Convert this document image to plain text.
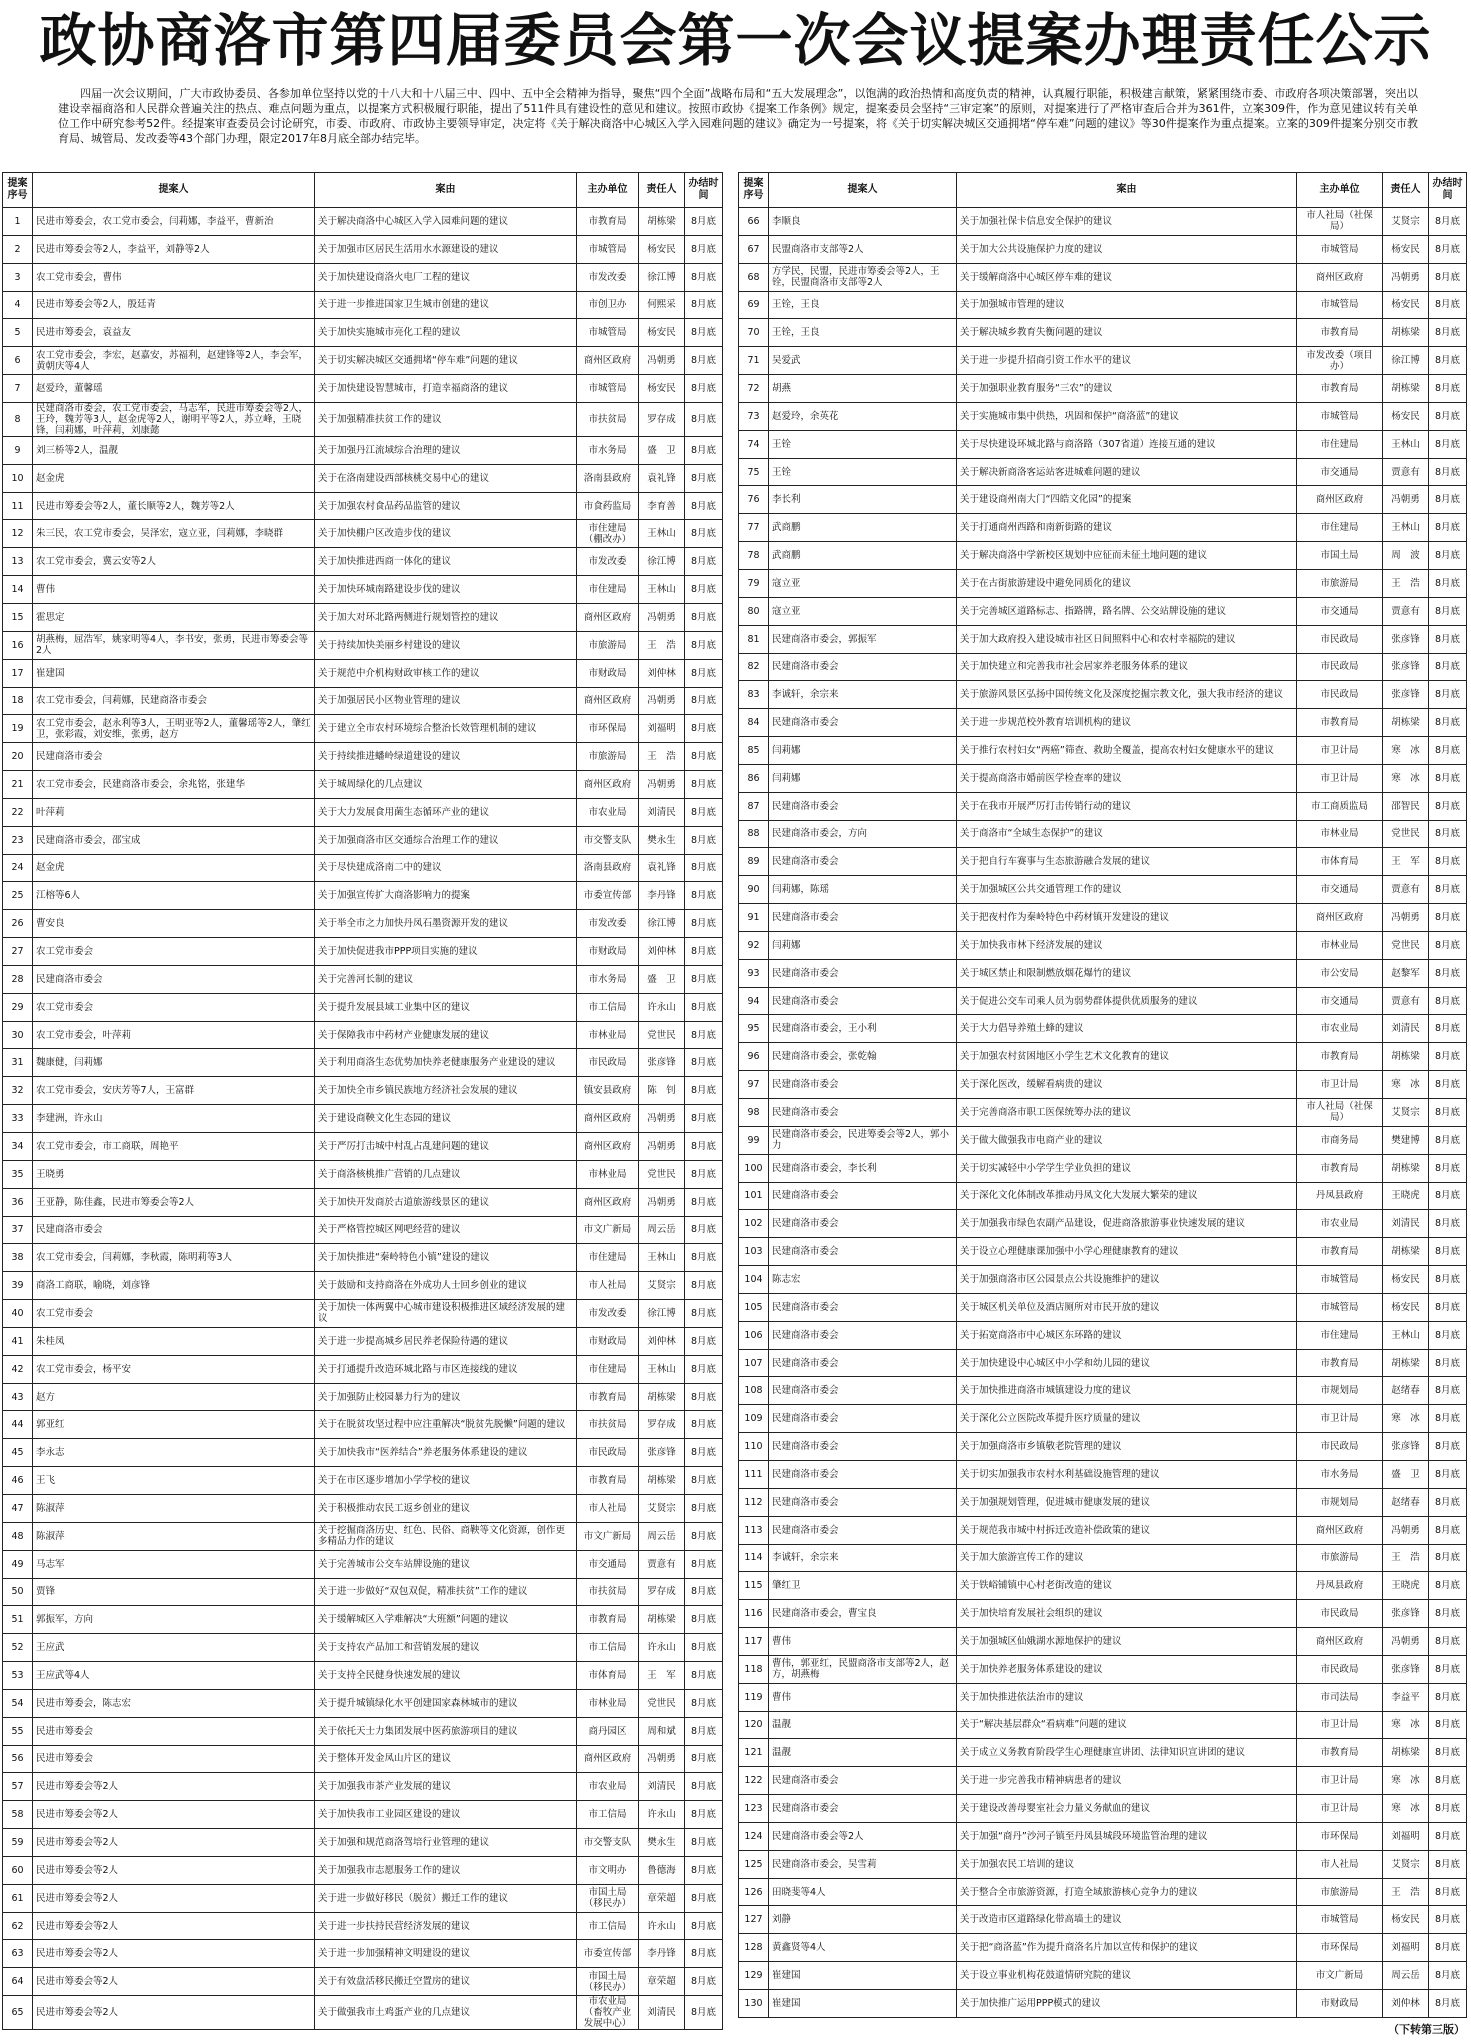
政协商洛市第四届委员会第一次会议提案办理责任公示
四届一次会议期间，广大市政协委员、各参加单位坚持以党的十八大和十八届三中、四中、五中全会精神为指导，聚焦“四个全面”战略布局和“五大发展理念”，以饱满的政治热情和高度负责的精神，认真履行职能，积极建言献策，紧紧围绕市委、市政府各项决策部署，突出以建设幸福商洛和人民群众普遍关注的热点、难点问题为重点，以提案方式积极履行职能，提出了511件具有建设性的意见和建议。按照市政协《提案工作条例》规定，提案委员会坚持“三审定案”的原则，对提案进行了严格审查后合并为361件，立案309件，作为意见建议转有关单位工作中研究参考52件。经提案审查委员会讨论研究，市委、市政府、市政协主要领导审定，决定将《关于解决商洛中心城区入学入园难问题的建议》确定为一号提案，将《关于切实解决城区交通拥堵“停车难”问题的建议》等30件提案作为重点提案。立案的309件提案分别交市教育局、城管局、发改委等43个部门办理，限定2017年8月底全部办结完毕。
提案序号	提案人	案由	主办单位	责任人	办结时间
1	民进市筹委会，农工党市委会，闫莉娜，李益平，曹新治	关于解决商洛中心城区入学入园难问题的建议	市教育局	胡栋梁	8月底
2	民进市筹委会等2人，李益平，刘静等2人	关于加强市区居民生活用水水源建设的建议	市城管局	杨安民	8月底
3	农工党市委会，曹伟	关于加快建设商洛火电厂工程的建议	市发改委	徐江博	8月底
4	民进市筹委会等2人，殷廷青	关于进一步推进国家卫生城市创建的建议	市创卫办	何熙采	8月底
5	民进市筹委会，袁益友	关于加快实施城市亮化工程的建议	市城管局	杨安民	8月底
6	农工党市委会，李宏，赵嘉安，苏福利，赵建锋等2人，李会军，黄朝庆等4人	关于切实解决城区交通拥堵“停车难”问题的建议	商州区政府	冯朝勇	8月底
7	赵爱玲，董馨瑶	关于加快建设智慧城市，打造幸福商洛的建议	市城管局	杨安民	8月底
8	民建商洛市委会，农工党市委会，马志军，民进市筹委会等2人，王玲，魏芳等3人，赵金虎等2人，谢明平等2人，苏立峰，王晓锋，闫莉娜，叶萍莉，刘康懿	关于加强精准扶贫工作的建议	市扶贫局	罗存成	8月底
9	刘三桥等2人，温靓	关于加强丹江流域综合治理的建议	市水务局	盛　卫	8月底
10	赵金虎	关于在洛南建设西部核桃交易中心的建议	洛南县政府	袁礼锋	8月底
11	民进市筹委会等2人，董长顺等2人，魏芳等2人	关于加强农村食品药品监管的建议	市食药监局	李育善	8月底
12	朱三民，农工党市委会，吴泽宏，寇立亚，闫莉娜，李晓群	关于加快棚户区改造步伐的建议	市住建局（棚改办）	王林山	8月底
13	农工党市委会，冀云安等2人	关于加快推进西商一体化的建议	市发改委	徐江博	8月底
14	曹伟	关于加快环城南路建设步伐的建议	市住建局	王林山	8月底
15	霍思定	关于加大对环北路两侧进行规划管控的建议	商州区政府	冯朝勇	8月底
16	胡燕梅，屈浩军，姚家明等4人，李书安，张勇，民进市筹委会等2人	关于持续加快美丽乡村建设的建议	市旅游局	王　浩	8月底
17	崔建国	关于规范中介机构财政审核工作的建议	市财政局	刘仲林	8月底
18	农工党市委会，闫莉娜，民建商洛市委会	关于加强居民小区物业管理的建议	商州区政府	冯朝勇	8月底
19	农工党市委会，赵永利等3人，王明亚等2人，董馨瑶等2人，肇红卫，张彩霞，刘安维，张勇，赵方	关于建立全市农村环境综合整治长效管理机制的建议	市环保局	刘福明	8月底
20	民建商洛市委会	关于持续推进蟠岭绿道建设的建议	市旅游局	王　浩	8月底
21	农工党市委会，民建商洛市委会，余兆铭，张建华	关于城周绿化的几点建议	商州区政府	冯朝勇	8月底
22	叶萍莉	关于大力发展食用菌生态循环产业的建议	市农业局	刘清民	8月底
23	民建商洛市委会，邵宝成	关于加强商洛市区交通综合治理工作的建议	市交警支队	樊永生	8月底
24	赵金虎	关于尽快建成洛南二中的建议	洛南县政府	袁礼锋	8月底
25	江榕等6人	关于加强宣传扩大商洛影响力的提案	市委宣传部	李丹锋	8月底
26	曹安良	关于举全市之力加快丹凤石墨资源开发的建议	市发改委	徐江博	8月底
27	农工党市委会	关于加快促进我市PPP项目实施的建议	市财政局	刘仲林	8月底
28	民建商洛市委会	关于完善河长制的建议	市水务局	盛　卫	8月底
29	农工党市委会	关于提升发展县域工业集中区的建议	市工信局	许永山	8月底
30	农工党市委会，叶萍莉	关于保障我市中药材产业健康发展的建议	市林业局	党世民	8月底
31	魏康健，闫莉娜	关于利用商洛生态优势加快养老健康服务产业建设的建议	市民政局	张彦锋	8月底
32	农工党市委会，安庆芳等7人，王富群	关于加快全市乡镇民族地方经济社会发展的建议	镇安县政府	陈　钊	8月底
33	李建洲，许永山	关于建设商鞅文化生态园的建议	商州区政府	冯朝勇	8月底
34	农工党市委会，市工商联，周艳平	关于严厉打击城中村乱占乱建问题的建议	商州区政府	冯朝勇	8月底
35	王晓勇	关于商洛核桃推广营销的几点建议	市林业局	党世民	8月底
36	王亚静，陈佳鑫，民进市筹委会等2人	关于加快开发商於古道旅游线景区的建议	商州区政府	冯朝勇	8月底
37	民建商洛市委会	关于严格管控城区网吧经营的建议	市文广新局	周云岳	8月底
38	农工党市委会，闫莉娜，李秋霞，陈明莉等3人	关于加快推进“秦岭特色小镇”建设的建议	市住建局	王林山	8月底
39	商洛工商联，喻晓，刘彦锋	关于鼓励和支持商洛在外成功人士回乡创业的建议	市人社局	艾贤宗	8月底
40	农工党市委会	关于加快一体两翼中心城市建设积极推进区域经济发展的建议	市发改委	徐江博	8月底
41	朱桂凤	关于进一步提高城乡居民养老保险待遇的建议	市财政局	刘仲林	8月底
42	农工党市委会，杨平安	关于打通提升改造环城北路与市区连接线的建议	市住建局	王林山	8月底
43	赵方	关于加强防止校园暴力行为的建议	市教育局	胡栋梁	8月底
44	郭亚红	关于在脱贫攻坚过程中应注重解决“脱贫先脱懒”问题的建议	市扶贫局	罗存成	8月底
45	李永志	关于加快我市“医养结合”养老服务体系建设的建议	市民政局	张彦锋	8月底
46	王飞	关于在市区逐步增加小学学校的建议	市教育局	胡栋梁	8月底
47	陈淑萍	关于积极推动农民工返乡创业的建议	市人社局	艾贤宗	8月底
48	陈淑萍	关于挖掘商洛历史、红色、民俗、商鞅等文化资源，创作更多精品力作的建议	市文广新局	周云岳	8月底
49	马志军	关于完善城市公交车站牌设施的建议	市交通局	贾意有	8月底
50	贾锋	关于进一步做好“双包双促，精准扶贫”工作的建议	市扶贫局	罗存成	8月底
51	郭振军，方向	关于缓解城区入学难解决“大班额”问题的建议	市教育局	胡栋梁	8月底
52	王应武	关于支持农产品加工和营销发展的建议	市工信局	许永山	8月底
53	王应武等4人	关于支持全民健身快速发展的建议	市体育局	王　军	8月底
54	民进市筹委会，陈志宏	关于提升城镇绿化水平创建国家森林城市的建议	市林业局	党世民	8月底
55	民进市筹委会	关于依托天士力集团发展中医药旅游项目的建议	商丹园区	周和斌	8月底
56	民进市筹委会	关于整体开发金凤山片区的建议	商州区政府	冯朝勇	8月底
57	民进市筹委会等2人	关于加强我市茶产业发展的建议	市农业局	刘清民	8月底
58	民进市筹委会等2人	关于加快我市工业园区建设的建议	市工信局	许永山	8月底
59	民进市筹委会等2人	关于加强和规范商洛驾培行业管理的建议	市交警支队	樊永生	8月底
60	民进市筹委会等2人	关于加强我市志愿服务工作的建议	市文明办	鲁德海	8月底
61	民进市筹委会等2人	关于进一步做好移民（脱贫）搬迁工作的建议	市国土局（移民办）	章荣超	8月底
62	民进市筹委会等2人	关于进一步扶持民营经济发展的建议	市工信局	许永山	8月底
63	民进市筹委会等2人	关于进一步加强精神文明建设的建议	市委宣传部	李丹锋	8月底
64	民进市筹委会等2人	关于有效盘活移民搬迁空置房的建议	市国土局（移民办）	章荣超	8月底
65	民进市筹委会等2人	关于做强我市土鸡蛋产业的几点建议	市农业局（畜牧产业发展中心）	刘清民	8月底
提案序号	提案人	案由	主办单位	责任人	办结时间
66	李顺良	关于加强社保卡信息安全保护的建议	市人社局（社保局）	艾贤宗	8月底
67	民盟商洛市支部等2人	关于加大公共设施保护力度的建议	市城管局	杨安民	8月底
68	方学民，民盟，民进市筹委会等2人，王铨，民盟商洛市支部等2人	关于缓解商洛中心城区停车难的建议	商州区政府	冯朝勇	8月底
69	王铨，王良	关于加强城市管理的建议	市城管局	杨安民	8月底
70	王铨，王良	关于解决城乡教育失衡问题的建议	市教育局	胡栋梁	8月底
71	吴爱武	关于进一步提升招商引资工作水平的建议	市发改委（项目办）	徐江博	8月底
72	胡燕	关于加强职业教育服务“三农”的建议	市教育局	胡栋梁	8月底
73	赵爱玲，余英花	关于实施城市集中供热，巩固和保护“商洛蓝”的建议	市城管局	杨安民	8月底
74	王铨	关于尽快建设环城北路与商洛路（307省道）连接互通的建议	市住建局	王林山	8月底
75	王铨	关于解决新商洛客运站客进城难问题的建议	市交通局	贾意有	8月底
76	李长利	关于建设商州南大门“四皓文化园”的提案	商州区政府	冯朝勇	8月底
77	武商鹏	关于打通商州西路和南新街路的建议	市住建局	王林山	8月底
78	武商鹏	关于解决商洛中学新校区规划中应征而未征土地问题的建议	市国土局	周　波	8月底
79	寇立亚	关于在古街旅游建设中避免同质化的建议	市旅游局	王　浩	8月底
80	寇立亚	关于完善城区道路标志、指路牌，路名牌、公交站牌设施的建议	市交通局	贾意有	8月底
81	民建商洛市委会，郭振军	关于加大政府投入建设城市社区日间照料中心和农村幸福院的建议	市民政局	张彦锋	8月底
82	民建商洛市委会	关于加快建立和完善我市社会居家养老服务体系的建议	市民政局	张彦锋	8月底
83	李诚轩，余宗来	关于旅游风景区弘扬中国传统文化及深度挖掘宗教文化，强大我市经济的建议	市民政局	张彦锋	8月底
84	民建商洛市委会	关于进一步规范校外教育培训机构的建议	市教育局	胡栋梁	8月底
85	闫莉娜	关于推行农村妇女“两癌”筛查、救助全覆盖，提高农村妇女健康水平的建议	市卫计局	寒　冰	8月底
86	闫莉娜	关于提高商洛市婚前医学检查率的建议	市卫计局	寒　冰	8月底
87	民建商洛市委会	关于在我市开展严厉打击传销行动的建议	市工商质监局	邵智民	8月底
88	民建商洛市委会，方向	关于商洛市“全域生态保护”的建议	市林业局	党世民	8月底
89	民建商洛市委会	关于把自行车赛事与生态旅游融合发展的建议	市体育局	王　军	8月底
90	闫莉娜，陈瑶	关于加强城区公共交通管理工作的建议	市交通局	贾意有	8月底
91	民建商洛市委会	关于把夜村作为秦岭特色中药材镇开发建设的建议	商州区政府	冯朝勇	8月底
92	闫莉娜	关于加快我市林下经济发展的建议	市林业局	党世民	8月底
93	民建商洛市委会	关于城区禁止和限制燃放烟花爆竹的建议	市公安局	赵黎军	8月底
94	民建商洛市委会	关于促进公交车司乘人员为弱势群体提供优质服务的建议	市交通局	贾意有	8月底
95	民建商洛市委会，王小利	关于大力倡导养殖土蜂的建议	市农业局	刘清民	8月底
96	民建商洛市委会，张乾翰	关于加强农村贫困地区小学生艺术文化教育的建议	市教育局	胡栋梁	8月底
97	民建商洛市委会	关于深化医改，缓解看病贵的建议	市卫计局	寒　冰	8月底
98	民建商洛市委会	关于完善商洛市职工医保统筹办法的建议	市人社局（社保局）	艾贤宗	8月底
99	民建商洛市委会，民进筹委会等2人，郭小力	关于做大做强我市电商产业的建议	市商务局	樊建博	8月底
100	民建商洛市委会，李长利	关于切实减轻中小学学生学业负担的建议	市教育局	胡栋梁	8月底
101	民建商洛市委会	关于深化文化体制改革推动丹凤文化大发展大繁荣的建议	丹凤县政府	王晓虎	8月底
102	民建商洛市委会	关于加强我市绿色农副产品建设，促进商洛旅游事业快速发展的建议	市农业局	刘清民	8月底
103	民建商洛市委会	关于设立心理健康课加强中小学心理健康教育的建议	市教育局	胡栋梁	8月底
104	陈志宏	关于加强商洛市区公园景点公共设施维护的建议	市城管局	杨安民	8月底
105	民建商洛市委会	关于城区机关单位及酒店厕所对市民开放的建议	市城管局	杨安民	8月底
106	民建商洛市委会	关于拓宽商洛市中心城区东环路的建议	市住建局	王林山	8月底
107	民建商洛市委会	关于加快建设中心城区中小学和幼儿园的建议	市教育局	胡栋梁	8月底
108	民建商洛市委会	关于加快推进商洛市城镇建设力度的建议	市规划局	赵绪春	8月底
109	民建商洛市委会	关于深化公立医院改革提升医疗质量的建议	市卫计局	寒　冰	8月底
110	民建商洛市委会	关于加强商洛市乡镇敬老院管理的建议	市民政局	张彦锋	8月底
111	民建商洛市委会	关于切实加强我市农村水利基础设施管理的建议	市水务局	盛　卫	8月底
112	民建商洛市委会	关于加强规划管理，促进城市健康发展的建议	市规划局	赵绪春	8月底
113	民建商洛市委会	关于规范我市城中村拆迁改造补偿政策的建议	商州区政府	冯朝勇	8月底
114	李诚轩，余宗来	关于加大旅游宣传工作的建议	市旅游局	王　浩	8月底
115	肇红卫	关于铁峪铺镇中心村老街改造的建议	丹凤县政府	王晓虎	8月底
116	民建商洛市委会，曹宝良	关于加快培育发展社会组织的建议	市民政局	张彦锋	8月底
117	曹伟	关于加强城区仙娥湖水源地保护的建议	商州区政府	冯朝勇	8月底
118	曹伟，郭亚红，民盟商洛市支部等2人，赵方，胡燕梅	关于加快养老服务体系建设的建议	市民政局	张彦锋	8月底
119	曹伟	关于加快推进依法治市的建议	市司法局	李益平	8月底
120	温靓	关于“解决基层群众“看病难”问题的建议	市卫计局	寒　冰	8月底
121	温靓	关于成立义务教育阶段学生心理健康宣讲团、法律知识宣讲团的建议	市教育局	胡栋梁	8月底
122	民建商洛市委会	关于进一步完善我市精神病患者的建议	市卫计局	寒　冰	8月底
123	民建商洛市委会	关于建设改善母婴室社会力量义务献血的建议	市卫计局	寒　冰	8月底
124	民建商洛市委会等2人	关于加强“商丹”沙河子镇至丹凤县城段环境监管治理的建议	市环保局	刘福明	8月底
125	民建商洛市委会，吴雪莉	关于加强农民工培训的建议	市人社局	艾贤宗	8月底
126	田晓斐等4人	关于整合全市旅游资源，打造全域旅游核心竞争力的建议	市旅游局	王　浩	8月底
127	刘静	关于改造市区道路绿化带高墙土的建议	市城管局	杨安民	8月底
128	黄鑫贤等4人	关于把“商洛蓝”作为提升商洛名片加以宣传和保护的建议	市环保局	刘福明	8月底
129	崔建国	关于设立事业机构花鼓道情研究院的建议	市文广新局	周云岳	8月底
130	崔建国	关于加快推广运用PPP模式的建议	市财政局	刘仲林	8月底
（下转第三版）
